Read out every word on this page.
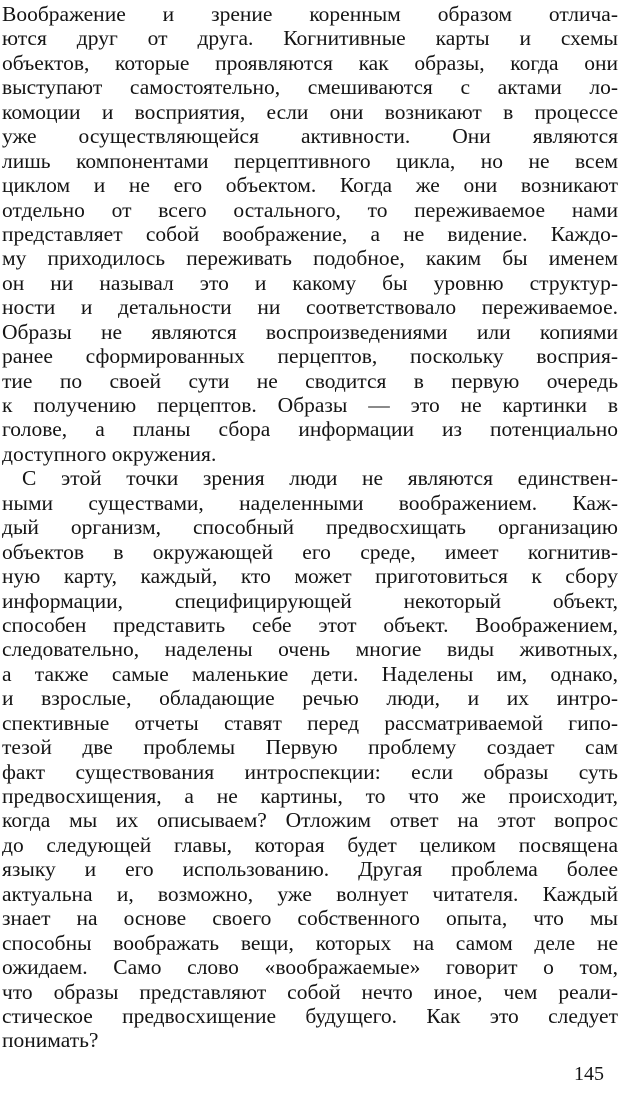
Воображение и зрение коренным образом отлича-
ются друг от друга. Когнитивные карты и схемы
объектов, которые проявляются как образы, когда они
выступают самостоятельно, смешиваются с актами ло-
комоции и восприятия, если они возникают в процессе
уже осуществляющейся активности. Они являются
лишь компонентами перцептивного цикла, но не всем
циклом и не его объектом. Когда же они возникают
отдельно от всего остального, то переживаемое нами
представляет собой воображение, а не видение. Каждо-
му приходилось переживать подобное, каким бы именем
он ни называл это и какому бы уровню структур-
ности и детальности ни соответствовало переживаемое.
Образы не являются воспроизведениями или копиями
ранее сформированных перцептов, поскольку восприя-
тие по своей сути не сводится в первую очередь
к получению перцептов. Образы — это не картинки в
голове, а планы сбора информации из потенциально
доступного окружения.
С этой точки зрения люди не являются единствен-
ными существами, наделенными воображением. Каж-
дый организм, способный предвосхищать организацию
объектов в окружающей его среде, имеет когнитив-
ную карту, каждый, кто может приготовиться к сбору
информации, специфицирующей некоторый объект,
способен представить себе этот объект. Воображением,
следовательно, наделены очень многие виды животных,
а также самые маленькие дети. Наделены им, однако,
и взрослые, обладающие речью люди, и их интро-
спективные отчеты ставят перед рассматриваемой гипо-
тезой две проблемы Первую проблему создает сам
факт существования интроспекции: если образы суть
предвосхищения, а не картины, то что же происходит,
когда мы их описываем? Отложим ответ на этот вопрос
до следующей главы, которая будет целиком посвящена
языку и его использованию. Другая проблема более
актуальна и, возможно, уже волнует читателя. Каждый
знает на основе своего собственного опыта, что мы
способны воображать вещи, которых на самом деле не
ожидаем. Само слово «воображаемые» говорит о том,
что образы представляют собой нечто иное, чем реали-
стическое предвосхищение будущего. Как это следует
понимать?
145
